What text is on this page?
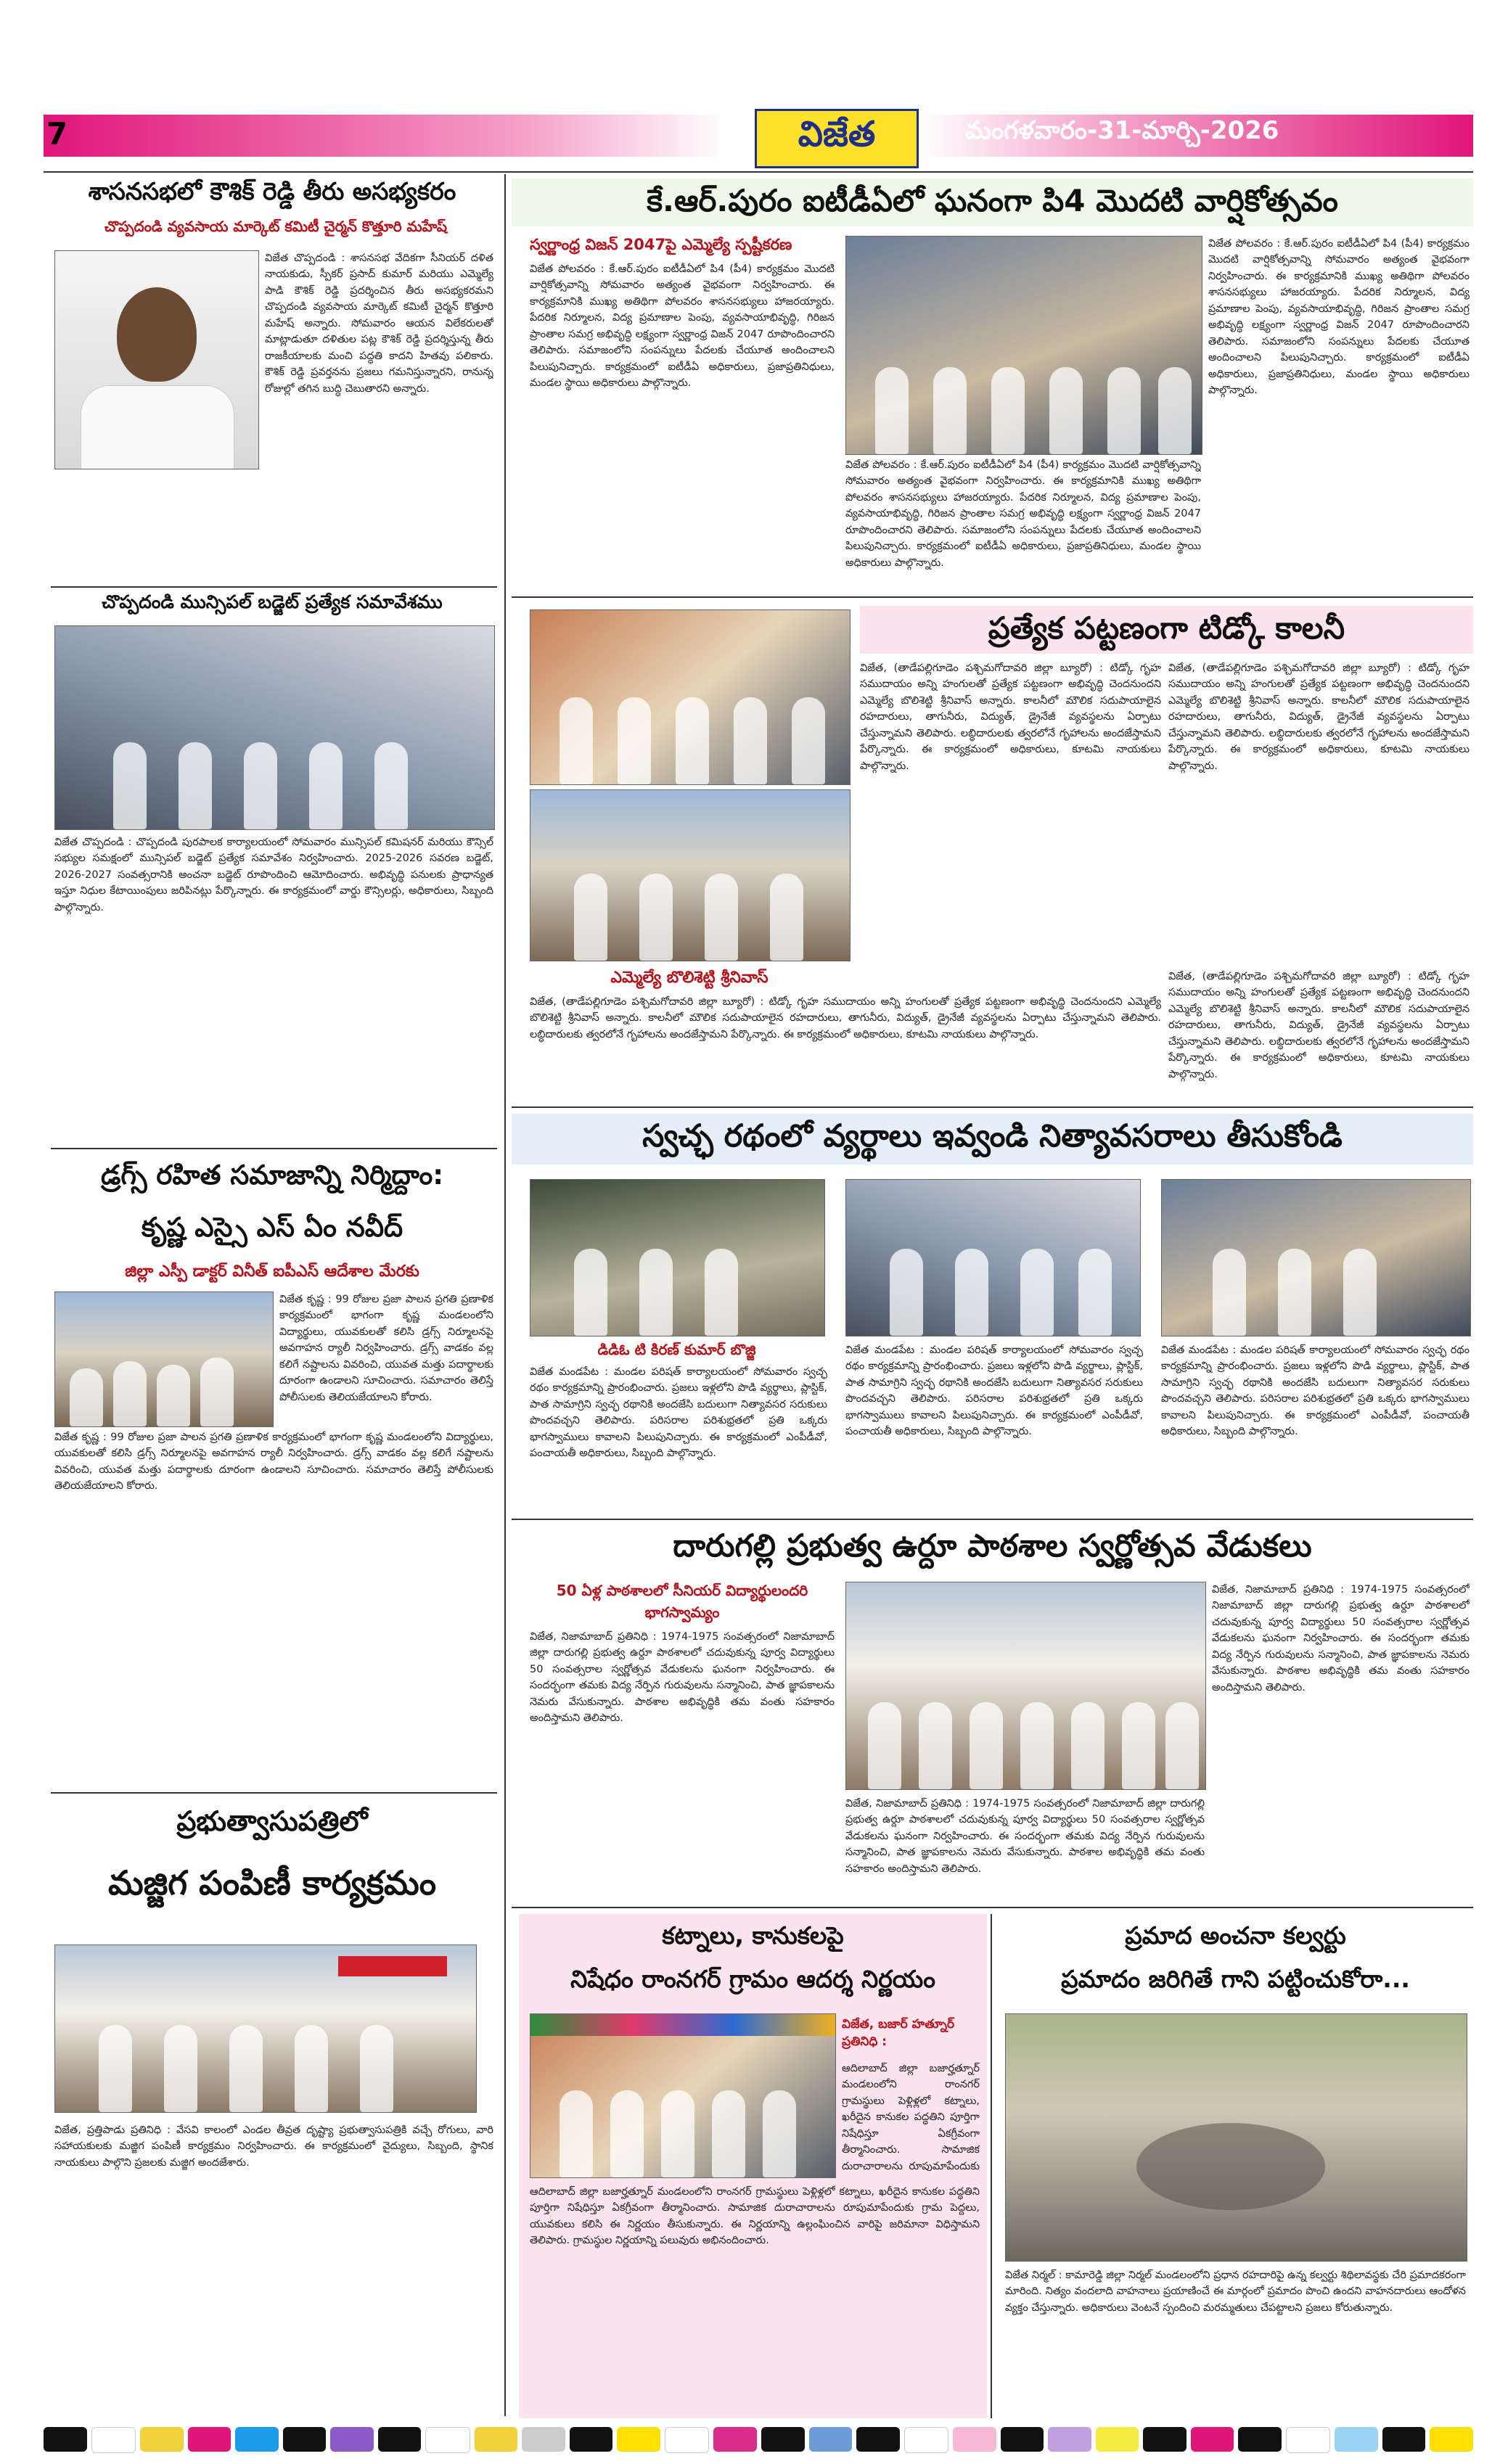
7	విజేత	మంగళవారం-31-మార్చి-2026
శాసనసభలో కౌశిక్ రెడ్డి తీరు అసభ్యకరం
చొప్పదండి వ్యవసాయ మార్కెట్ కమిటీ చైర్మన్ కొత్తూరి మహేష్
విజేత చొప్పదండి : శాసనసభ వేదికగా సీనియర్ దళిత నాయకుడు, స్పీకర్ ప్రసాద్ కుమార్ మరియు ఎమ్మెల్యే పాడి కౌశిక్ రెడ్డి ప్రదర్శించిన తీరు అసభ్యకరమని చొప్పదండి వ్యవసాయ మార్కెట్ కమిటీ చైర్మన్ కొత్తూరి మహేష్ అన్నారు. సోమవారం ఆయన విలేకరులతో మాట్లాడుతూ దళితుల పట్ల కౌశిక్ రెడ్డి ప్రదర్శిస్తున్న తీరు రాజకీయాలకు మంచి పద్ధతి కాదని హితవు పలికారు. కౌశిక్ రెడ్డి ప్రవర్తనను ప్రజలు గమనిస్తున్నారని, రానున్న రోజుల్లో తగిన బుద్ధి చెబుతారని అన్నారు.
చొప్పదండి మున్సిపల్ బడ్జెట్ ప్రత్యేక సమావేశము
విజేత చొప్పదండి : చొప్పదండి పురపాలక కార్యాలయంలో సోమవారం మున్సిపల్ కమిషనర్ మరియు కౌన్సిల్ సభ్యుల సమక్షంలో మున్సిపల్ బడ్జెట్ ప్రత్యేక సమావేశం నిర్వహించారు. 2025-2026 సవరణ బడ్జెట్, 2026-2027 సంవత్సరానికి అంచనా బడ్జెట్ రూపొందించి ఆమోదించారు. అభివృద్ధి పనులకు ప్రాధాన్యత ఇస్తూ నిధుల కేటాయింపులు జరిపినట్లు పేర్కొన్నారు. ఈ కార్యక్రమంలో వార్డు కౌన్సిలర్లు, అధికారులు, సిబ్బంది పాల్గొన్నారు.
డ్రగ్స్ రహిత సమాజాన్ని నిర్మిద్దాం:
కృష్ణ ఎస్సై ఎస్ ఏం నవీద్
జిల్లా ఎస్పీ డాక్టర్ వినీత్ ఐపీఎస్ ఆదేశాల మేరకు
విజేత కృష్ణ : 99 రోజుల ప్రజా పాలన ప్రగతి ప్రణాళిక కార్యక్రమంలో భాగంగా కృష్ణ మండలంలోని విద్యార్థులు, యువకులతో కలిసి డ్రగ్స్ నిర్మూలనపై అవగాహన ర్యాలీ నిర్వహించారు. డ్రగ్స్ వాడకం వల్ల కలిగే నష్టాలను వివరించి, యువత మత్తు పదార్థాలకు దూరంగా ఉండాలని సూచించారు. సమాచారం తెలిస్తే పోలీసులకు తెలియజేయాలని కోరారు.
విజేత కృష్ణ : 99 రోజుల ప్రజా పాలన ప్రగతి ప్రణాళిక కార్యక్రమంలో భాగంగా కృష్ణ మండలంలోని విద్యార్థులు, యువకులతో కలిసి డ్రగ్స్ నిర్మూలనపై అవగాహన ర్యాలీ నిర్వహించారు. డ్రగ్స్ వాడకం వల్ల కలిగే నష్టాలను వివరించి, యువత మత్తు పదార్థాలకు దూరంగా ఉండాలని సూచించారు. సమాచారం తెలిస్తే పోలీసులకు తెలియజేయాలని కోరారు.
ప్రభుత్వాసుపత్రిలో
మజ్జిగ పంపిణీ కార్యక్రమం
విజేత, ప్రత్తిపాడు ప్రతినిధి : వేసవి కాలంలో ఎండల తీవ్రత దృష్ట్యా ప్రభుత్వాసుపత్రికి వచ్చే రోగులు, వారి సహాయకులకు మజ్జిగ పంపిణీ కార్యక్రమం నిర్వహించారు. ఈ కార్యక్రమంలో వైద్యులు, సిబ్బంది, స్థానిక నాయకులు పాల్గొని ప్రజలకు మజ్జిగ అందజేశారు.
కే.ఆర్.పురం ఐటీడీఏలో ఘనంగా పి4 మొదటి వార్షికోత్సవం
స్వర్ణాంధ్ర విజన్ 2047పై ఎమ్మెల్యే స్పష్టీకరణ
విజేత పోలవరం : కే.ఆర్.పురం ఐటీడీఏలో పి4 (పీ4) కార్యక్రమం మొదటి వార్షికోత్సవాన్ని సోమవారం అత్యంత వైభవంగా నిర్వహించారు. ఈ కార్యక్రమానికి ముఖ్య అతిథిగా పోలవరం శాసనసభ్యులు హాజరయ్యారు. పేదరిక నిర్మూలన, విద్య ప్రమాణాల పెంపు, వ్యవసాయాభివృద్ధి, గిరిజన ప్రాంతాల సమగ్ర అభివృద్ధి లక్ష్యంగా స్వర్ణాంధ్ర విజన్ 2047 రూపొందించారని తెలిపారు. సమాజంలోని సంపన్నులు పేదలకు చేయూత అందించాలని పిలుపునిచ్చారు. కార్యక్రమంలో ఐటీడీఏ అధికారులు, ప్రజాప్రతినిధులు, మండల స్థాయి అధికారులు పాల్గొన్నారు.
విజేత పోలవరం : కే.ఆర్.పురం ఐటీడీఏలో పి4 (పీ4) కార్యక్రమం మొదటి వార్షికోత్సవాన్ని సోమవారం అత్యంత వైభవంగా నిర్వహించారు. ఈ కార్యక్రమానికి ముఖ్య అతిథిగా పోలవరం శాసనసభ్యులు హాజరయ్యారు. పేదరిక నిర్మూలన, విద్య ప్రమాణాల పెంపు, వ్యవసాయాభివృద్ధి, గిరిజన ప్రాంతాల సమగ్ర అభివృద్ధి లక్ష్యంగా స్వర్ణాంధ్ర విజన్ 2047 రూపొందించారని తెలిపారు. సమాజంలోని సంపన్నులు పేదలకు చేయూత అందించాలని పిలుపునిచ్చారు. కార్యక్రమంలో ఐటీడీఏ అధికారులు, ప్రజాప్రతినిధులు, మండల స్థాయి అధికారులు పాల్గొన్నారు.
విజేత పోలవరం : కే.ఆర్.పురం ఐటీడీఏలో పి4 (పీ4) కార్యక్రమం మొదటి వార్షికోత్సవాన్ని సోమవారం అత్యంత వైభవంగా నిర్వహించారు. ఈ కార్యక్రమానికి ముఖ్య అతిథిగా పోలవరం శాసనసభ్యులు హాజరయ్యారు. పేదరిక నిర్మూలన, విద్య ప్రమాణాల పెంపు, వ్యవసాయాభివృద్ధి, గిరిజన ప్రాంతాల సమగ్ర అభివృద్ధి లక్ష్యంగా స్వర్ణాంధ్ర విజన్ 2047 రూపొందించారని తెలిపారు. సమాజంలోని సంపన్నులు పేదలకు చేయూత అందించాలని పిలుపునిచ్చారు. కార్యక్రమంలో ఐటీడీఏ అధికారులు, ప్రజాప్రతినిధులు, మండల స్థాయి అధికారులు పాల్గొన్నారు.
ఎమ్మెల్యే బొలిశెట్టి శ్రీనివాస్
ప్రత్యేక పట్టణంగా టిడ్కో కాలనీ
విజేత, (తాడేపల్లిగూడెం పశ్చిమగోదావరి జిల్లా బ్యూరో) : టిడ్కో గృహ సముదాయం అన్ని హంగులతో ప్రత్యేక పట్టణంగా అభివృద్ధి చెందనుందని ఎమ్మెల్యే బొలిశెట్టి శ్రీనివాస్ అన్నారు. కాలనీలో మౌలిక సదుపాయాలైన రహదారులు, తాగునీరు, విద్యుత్, డ్రైనేజీ వ్యవస్థలను ఏర్పాటు చేస్తున్నామని తెలిపారు. లబ్ధిదారులకు త్వరలోనే గృహాలను అందజేస్తామని పేర్కొన్నారు. ఈ కార్యక్రమంలో అధికారులు, కూటమి నాయకులు పాల్గొన్నారు.
విజేత, (తాడేపల్లిగూడెం పశ్చిమగోదావరి జిల్లా బ్యూరో) : టిడ్కో గృహ సముదాయం అన్ని హంగులతో ప్రత్యేక పట్టణంగా అభివృద్ధి చెందనుందని ఎమ్మెల్యే బొలిశెట్టి శ్రీనివాస్ అన్నారు. కాలనీలో మౌలిక సదుపాయాలైన రహదారులు, తాగునీరు, విద్యుత్, డ్రైనేజీ వ్యవస్థలను ఏర్పాటు చేస్తున్నామని తెలిపారు. లబ్ధిదారులకు త్వరలోనే గృహాలను అందజేస్తామని పేర్కొన్నారు. ఈ కార్యక్రమంలో అధికారులు, కూటమి నాయకులు పాల్గొన్నారు.
విజేత, (తాడేపల్లిగూడెం పశ్చిమగోదావరి జిల్లా బ్యూరో) : టిడ్కో గృహ సముదాయం అన్ని హంగులతో ప్రత్యేక పట్టణంగా అభివృద్ధి చెందనుందని ఎమ్మెల్యే బొలిశెట్టి శ్రీనివాస్ అన్నారు. కాలనీలో మౌలిక సదుపాయాలైన రహదారులు, తాగునీరు, విద్యుత్, డ్రైనేజీ వ్యవస్థలను ఏర్పాటు చేస్తున్నామని తెలిపారు. లబ్ధిదారులకు త్వరలోనే గృహాలను అందజేస్తామని పేర్కొన్నారు. ఈ కార్యక్రమంలో అధికారులు, కూటమి నాయకులు పాల్గొన్నారు.
విజేత, (తాడేపల్లిగూడెం పశ్చిమగోదావరి జిల్లా బ్యూరో) : టిడ్కో గృహ సముదాయం అన్ని హంగులతో ప్రత్యేక పట్టణంగా అభివృద్ధి చెందనుందని ఎమ్మెల్యే బొలిశెట్టి శ్రీనివాస్ అన్నారు. కాలనీలో మౌలిక సదుపాయాలైన రహదారులు, తాగునీరు, విద్యుత్, డ్రైనేజీ వ్యవస్థలను ఏర్పాటు చేస్తున్నామని తెలిపారు. లబ్ధిదారులకు త్వరలోనే గృహాలను అందజేస్తామని పేర్కొన్నారు. ఈ కార్యక్రమంలో అధికారులు, కూటమి నాయకులు పాల్గొన్నారు.
స్వచ్ఛ రథంలో వ్యర్థాలు ఇవ్వండి నిత్యావసరాలు తీసుకోండి
డిడిఓ టి కిరణ్ కుమార్ బొజ్జి
విజేత మండపేట : మండల పరిషత్ కార్యాలయంలో సోమవారం స్వచ్ఛ రథం కార్యక్రమాన్ని ప్రారంభించారు. ప్రజలు ఇళ్లలోని పొడి వ్యర్థాలు, ప్లాస్టిక్, పాత సామాగ్రిని స్వచ్ఛ రథానికి అందజేసి బదులుగా నిత్యావసర సరుకులు పొందవచ్చని తెలిపారు. పరిసరాల పరిశుభ్రతలో ప్రతి ఒక్కరు భాగస్వాములు కావాలని పిలుపునిచ్చారు. ఈ కార్యక్రమంలో ఎంపీడీవో, పంచాయతీ అధికారులు, సిబ్బంది పాల్గొన్నారు.
విజేత మండపేట : మండల పరిషత్ కార్యాలయంలో సోమవారం స్వచ్ఛ రథం కార్యక్రమాన్ని ప్రారంభించారు. ప్రజలు ఇళ్లలోని పొడి వ్యర్థాలు, ప్లాస్టిక్, పాత సామాగ్రిని స్వచ్ఛ రథానికి అందజేసి బదులుగా నిత్యావసర సరుకులు పొందవచ్చని తెలిపారు. పరిసరాల పరిశుభ్రతలో ప్రతి ఒక్కరు భాగస్వాములు కావాలని పిలుపునిచ్చారు. ఈ కార్యక్రమంలో ఎంపీడీవో, పంచాయతీ అధికారులు, సిబ్బంది పాల్గొన్నారు.
విజేత మండపేట : మండల పరిషత్ కార్యాలయంలో సోమవారం స్వచ్ఛ రథం కార్యక్రమాన్ని ప్రారంభించారు. ప్రజలు ఇళ్లలోని పొడి వ్యర్థాలు, ప్లాస్టిక్, పాత సామాగ్రిని స్వచ్ఛ రథానికి అందజేసి బదులుగా నిత్యావసర సరుకులు పొందవచ్చని తెలిపారు. పరిసరాల పరిశుభ్రతలో ప్రతి ఒక్కరు భాగస్వాములు కావాలని పిలుపునిచ్చారు. ఈ కార్యక్రమంలో ఎంపీడీవో, పంచాయతీ అధికారులు, సిబ్బంది పాల్గొన్నారు.
దారుగల్లి ప్రభుత్వ ఉర్దూ పాఠశాల స్వర్ణోత్సవ వేడుకలు
50 ఏళ్ల పాఠశాలలో సీనియర్ విద్యార్థులందరి
భాగస్వామ్యం
విజేత, నిజామాబాద్ ప్రతినిధి : 1974-1975 సంవత్సరంలో నిజామాబాద్ జిల్లా దారుగల్లి ప్రభుత్వ ఉర్దూ పాఠశాలలో చదువుకున్న పూర్వ విద్యార్థులు 50 సంవత్సరాల స్వర్ణోత్సవ వేడుకలను ఘనంగా నిర్వహించారు. ఈ సందర్భంగా తమకు విద్య నేర్పిన గురువులను సన్మానించి, పాత జ్ఞాపకాలను నెమరు వేసుకున్నారు. పాఠశాల అభివృద్ధికి తమ వంతు సహకారం అందిస్తామని తెలిపారు.
విజేత, నిజామాబాద్ ప్రతినిధి : 1974-1975 సంవత్సరంలో నిజామాబాద్ జిల్లా దారుగల్లి ప్రభుత్వ ఉర్దూ పాఠశాలలో చదువుకున్న పూర్వ విద్యార్థులు 50 సంవత్సరాల స్వర్ణోత్సవ వేడుకలను ఘనంగా నిర్వహించారు. ఈ సందర్భంగా తమకు విద్య నేర్పిన గురువులను సన్మానించి, పాత జ్ఞాపకాలను నెమరు వేసుకున్నారు. పాఠశాల అభివృద్ధికి తమ వంతు సహకారం అందిస్తామని తెలిపారు.
విజేత, నిజామాబాద్ ప్రతినిధి : 1974-1975 సంవత్సరంలో నిజామాబాద్ జిల్లా దారుగల్లి ప్రభుత్వ ఉర్దూ పాఠశాలలో చదువుకున్న పూర్వ విద్యార్థులు 50 సంవత్సరాల స్వర్ణోత్సవ వేడుకలను ఘనంగా నిర్వహించారు. ఈ సందర్భంగా తమకు విద్య నేర్పిన గురువులను సన్మానించి, పాత జ్ఞాపకాలను నెమరు వేసుకున్నారు. పాఠశాల అభివృద్ధికి తమ వంతు సహకారం అందిస్తామని తెలిపారు.
కట్నాలు, కానుకలపై
నిషేధం రాంనగర్ గ్రామం ఆదర్శ నిర్ణయం
విజేత, బజార్ హత్నూర్ ప్రతినిధి :
ఆదిలాబాద్ జిల్లా బజార్హత్నూర్ మండలంలోని రాంనగర్ గ్రామస్థులు పెళ్లిళ్లలో కట్నాలు, ఖరీదైన కానుకల పద్ధతిని పూర్తిగా నిషేధిస్తూ ఏకగ్రీవంగా తీర్మానించారు. సామాజిక దురాచారాలను రూపుమాపేందుకు
ఆదిలాబాద్ జిల్లా బజార్హత్నూర్ మండలంలోని రాంనగర్ గ్రామస్థులు పెళ్లిళ్లలో కట్నాలు, ఖరీదైన కానుకల పద్ధతిని పూర్తిగా నిషేధిస్తూ ఏకగ్రీవంగా తీర్మానించారు. సామాజిక దురాచారాలను రూపుమాపేందుకు గ్రామ పెద్దలు, యువకులు కలిసి ఈ నిర్ణయం తీసుకున్నారు. ఈ నిర్ణయాన్ని ఉల్లంఘించిన వారిపై జరిమానా విధిస్తామని తెలిపారు. గ్రామస్థుల నిర్ణయాన్ని పలువురు అభినందించారు.
ప్రమాద అంచనా కల్వర్టు
ప్రమాదం జరిగితే గాని పట్టించుకోరా...
విజేత నిర్మల్ : కామారెడ్డి జిల్లా నిర్మల్ మండలంలోని ప్రధాన రహదారిపై ఉన్న కల్వర్టు శిథిలావస్థకు చేరి ప్రమాదకరంగా మారింది. నిత్యం వందలాది వాహనాలు ప్రయాణించే ఈ మార్గంలో ప్రమాదం పొంచి ఉందని వాహనదారులు ఆందోళన వ్యక్తం చేస్తున్నారు. అధికారులు వెంటనే స్పందించి మరమ్మతులు చేపట్టాలని ప్రజలు కోరుతున్నారు.
